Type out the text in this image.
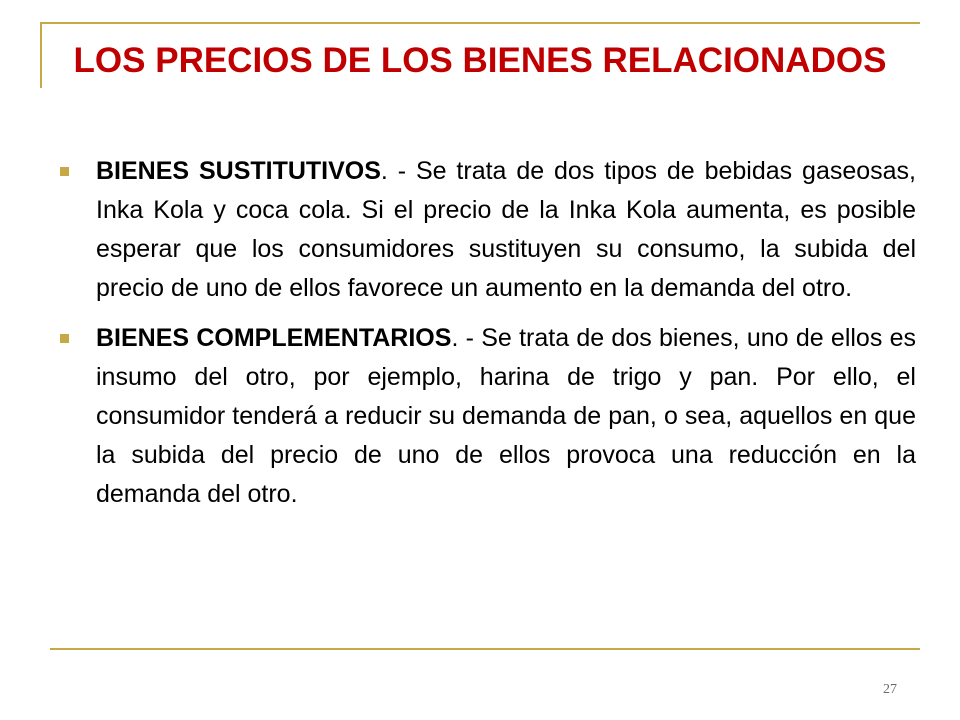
LOS PRECIOS DE LOS BIENES RELACIONADOS
BIENES SUSTITUTIVOS. - Se trata de dos tipos de bebidas gaseosas, Inka Kola y coca cola. Si el precio de la Inka Kola aumenta, es posible esperar que los consumidores sustituyen su consumo, la subida del precio de uno de ellos favorece un aumento en la demanda del otro.
BIENES COMPLEMENTARIOS. - Se trata de dos bienes, uno de ellos es insumo del otro, por ejemplo, harina de trigo y pan. Por ello, el consumidor tenderá a reducir su demanda de pan, o sea, aquellos en que la subida del precio de uno de ellos provoca una reducción en la demanda del otro.
27
